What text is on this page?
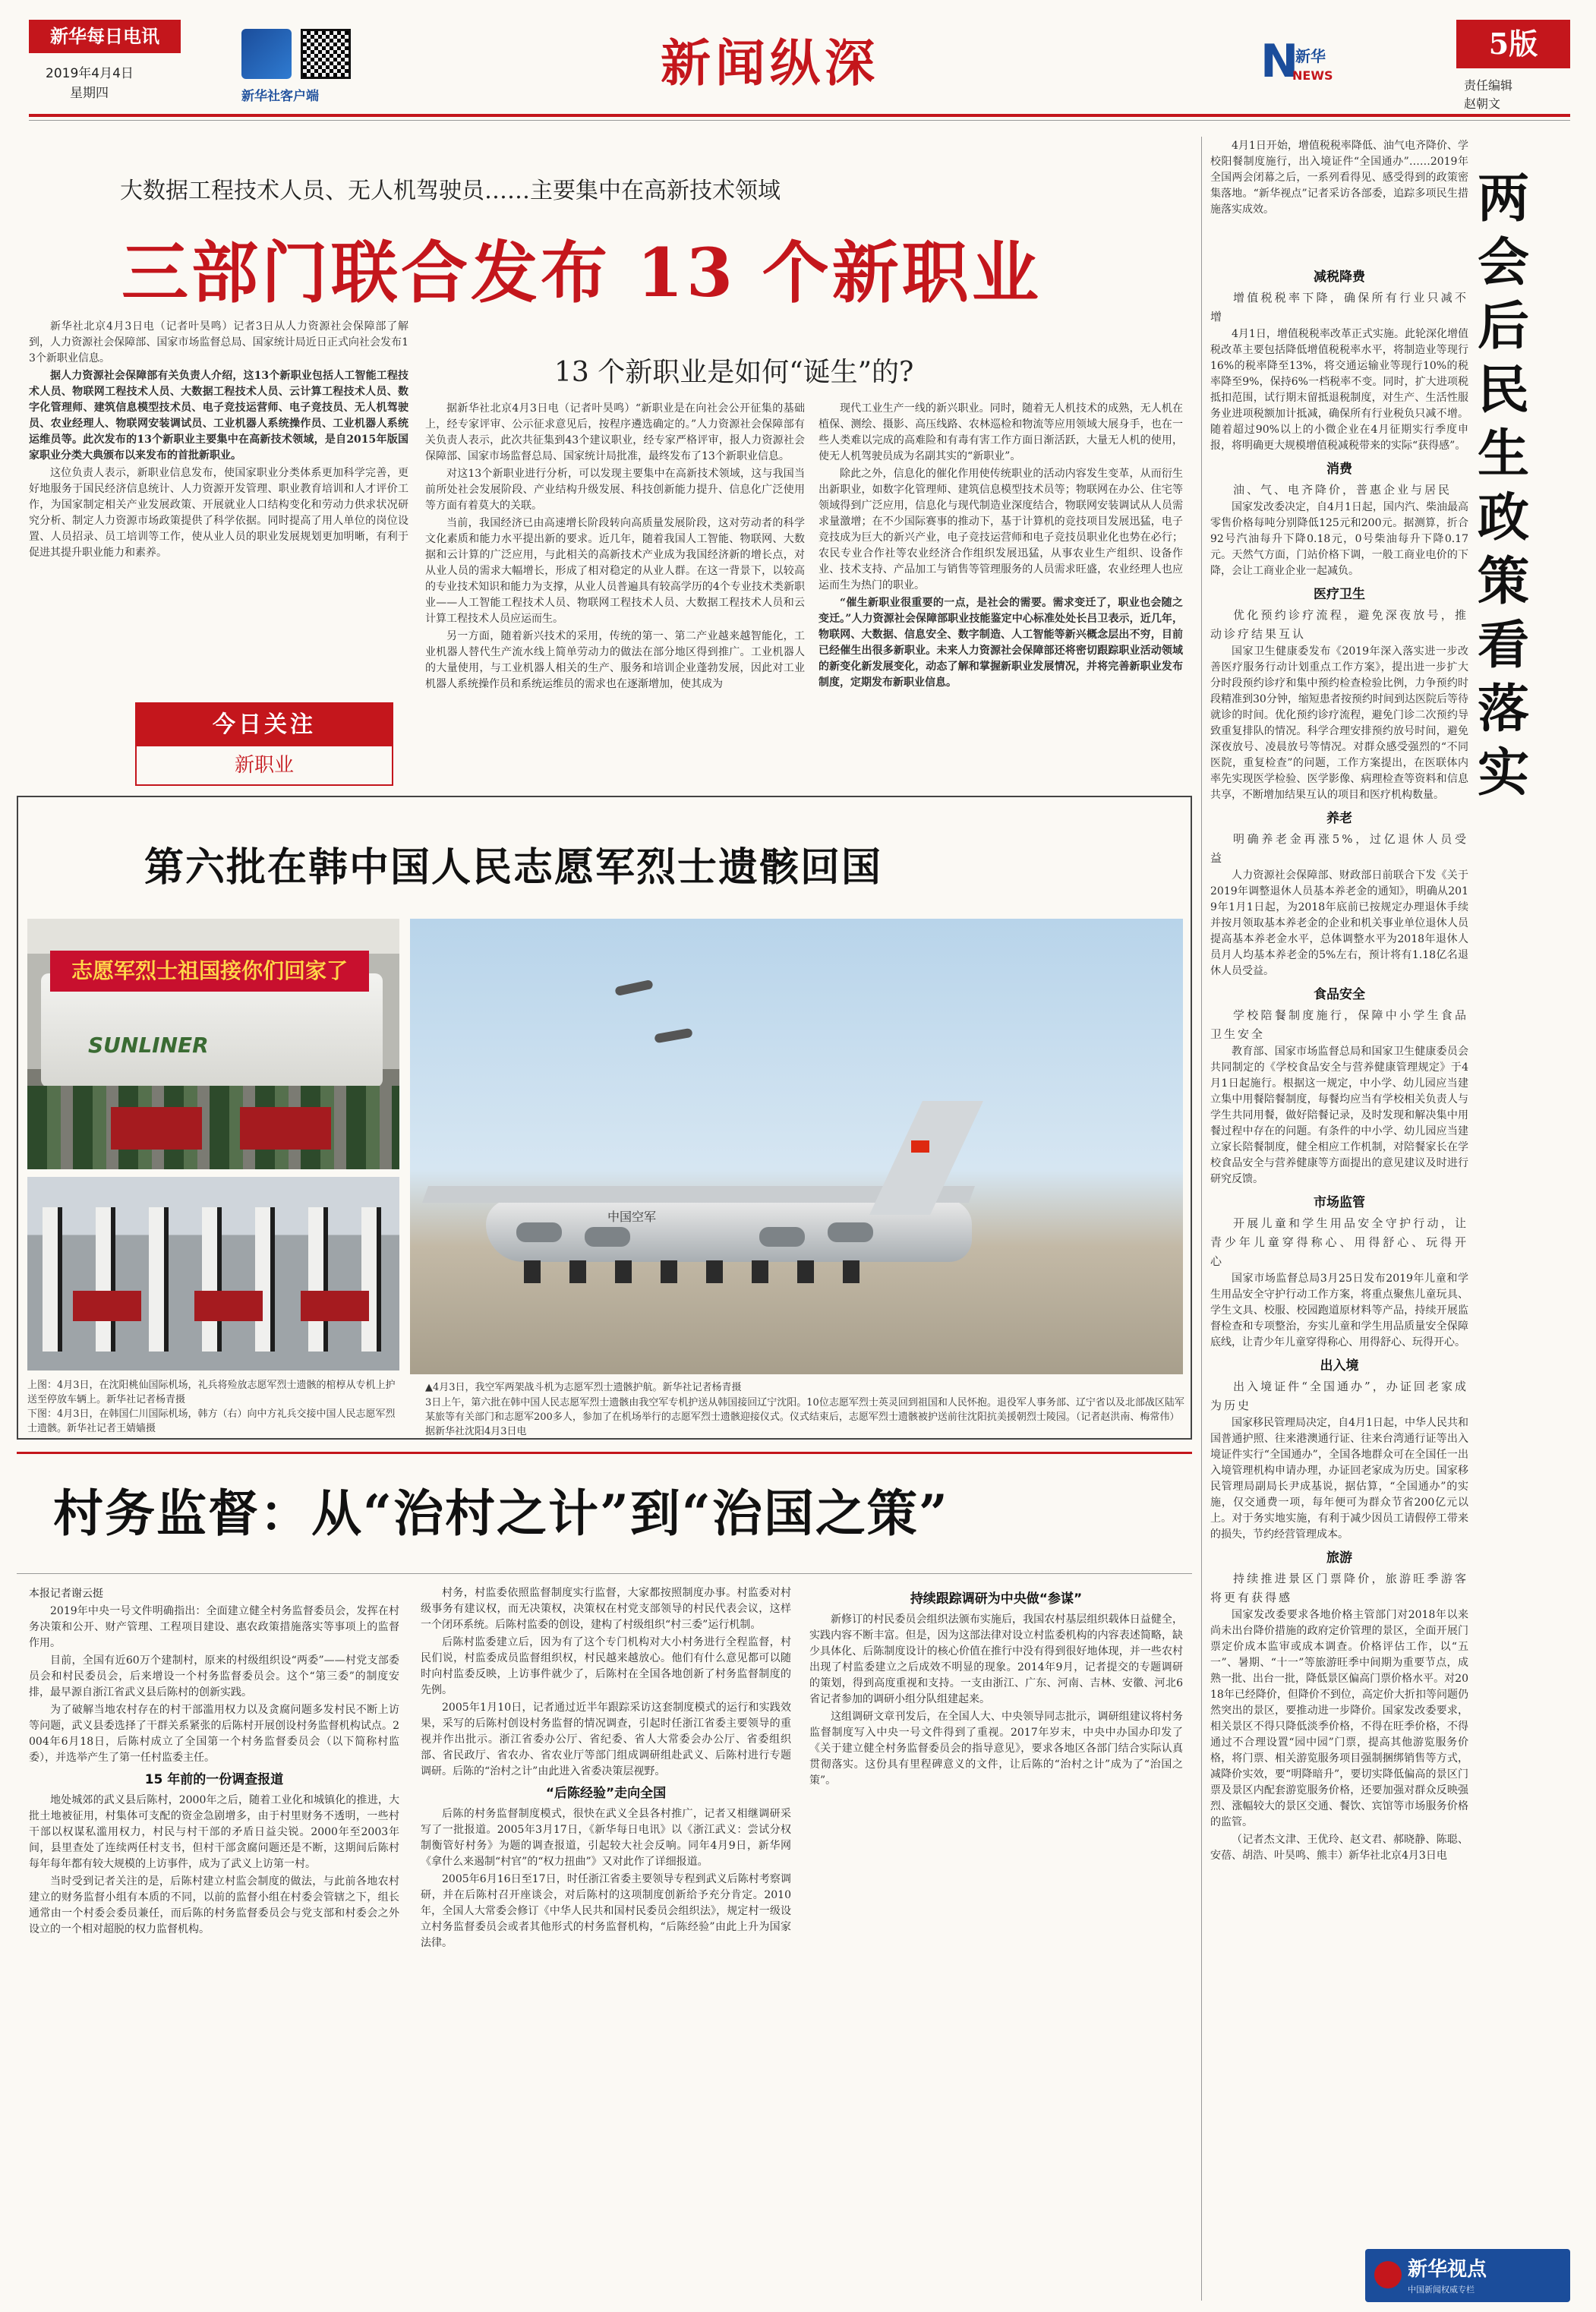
新华每日电讯
2019年4月4日
星期四	新华社客户端
新闻纵深	N
新华
NEWS
5版
责任编辑
赵朝文
大数据工程技术人员、无人机驾驶员……主要集中在高新技术领域
三部门联合发布 13 个新职业
13 个新职业是如何“诞生”的?

新华社北京4月3日电（记者叶昊鸣）记者3日从人力资源社会保障部了解到，人力资源社会保障部、国家市场监督总局、国家统计局近日正式向社会发布13个新职业信息。

据人力资源社会保障部有关负责人介绍，这13个新职业包括人工智能工程技术人员、物联网工程技术人员、大数据工程技术人员、云计算工程技术人员、数字化管理师、建筑信息模型技术员、电子竞技运营师、电子竞技员、无人机驾驶员、农业经理人、物联网安装调试员、工业机器人系统操作员、工业机器人系统运维员等。此次发布的13个新职业主要集中在高新技术领域，是自2015年版国家职业分类大典颁布以来发布的首批新职业。

这位负责人表示，新职业信息发布，使国家职业分类体系更加科学完善，更好地服务于国民经济信息统计、人力资源开发管理、职业教育培训和人才评价工作，为国家制定相关产业发展政策、开展就业人口结构变化和劳动力供求状况研究分析、制定人力资源市场政策提供了科学依据。同时提高了用人单位的岗位设置、人员招录、员工培训等工作，使从业人员的职业发展规划更加明晰，有利于促进其提升职业能力和素养。

今日关注
新职业

据新华社北京4月3日电（记者叶昊鸣）“新职业是在向社会公开征集的基础上，经专家评审、公示征求意见后，按程序遴选确定的。”人力资源社会保障部有关负责人表示，此次共征集到43个建议职业，经专家严格评审，报人力资源社会保障部、国家市场监督总局、国家统计局批准，最终发布了13个新职业信息。

对这13个新职业进行分析，可以发现主要集中在高新技术领域，这与我国当前所处社会发展阶段、产业结构升级发展、科技创新能力提升、信息化广泛使用等方面有着莫大的关联。

当前，我国经济已由高速增长阶段转向高质量发展阶段，这对劳动者的科学文化素质和能力水平提出新的要求。近几年，随着我国人工智能、物联网、大数据和云计算的广泛应用，与此相关的高新技术产业成为我国经济新的增长点，对从业人员的需求大幅增长，形成了相对稳定的从业人群。在这一背景下，以较高的专业技术知识和能力为支撑，从业人员普遍具有较高学历的4个专业技术类新职业——人工智能工程技术人员、物联网工程技术人员、大数据工程技术人员和云计算工程技术人员应运而生。

另一方面，随着新兴技术的采用，传统的第一、第二产业越来越智能化，工业机器人替代生产流水线上简单劳动力的做法在部分地区得到推广。工业机器人的大量使用，与工业机器人相关的生产、服务和培训企业蓬勃发展，因此对工业机器人系统操作员和系统运维员的需求也在逐渐增加，使其成为

现代工业生产一线的新兴职业。同时，随着无人机技术的成熟，无人机在植保、测绘、摄影、高压线路、农林巡检和物流等应用领域大展身手，也在一些人类难以完成的高难险和有毒有害工作方面日渐活跃，大量无人机的使用，使无人机驾驶员成为名副其实的“新职业”。

除此之外，信息化的催化作用使传统职业的活动内容发生变革，从而衍生出新职业，如数字化管理师、建筑信息模型技术员等；物联网在办公、住宅等领域得到广泛应用，信息化与现代制造业深度结合，物联网安装调试从人员需求量激增；在不少国际赛事的推动下，基于计算机的竞技项目发展迅猛，电子竞技成为巨大的新兴产业，电子竞技运营师和电子竞技员职业化也势在必行；农民专业合作社等农业经济合作组织发展迅猛，从事农业生产组织、设备作业、技术支持、产品加工与销售等管理服务的人员需求旺盛，农业经理人也应运而生为热门的职业。

“催生新职业很重要的一点，是社会的需要。需求变迁了，职业也会随之变迁。”人力资源社会保障部职业技能鉴定中心标准处处长吕卫表示，近几年，物联网、大数据、信息安全、数字制造、人工智能等新兴概念层出不穷，目前已经催生出很多新职业。未来人力资源社会保障部还将密切跟踪职业活动领域的新变化新发展变化，动态了解和掌握新职业发展情况，并将完善新职业发布制度，定期发布新职业信息。

第六批在韩中国人民志愿军烈士遗骸回国
志愿军烈士祖国接你们回家了
SUNLINER
上图：4月3日，在沈阳桃仙国际机场，礼兵将殓放志愿军烈士遗骸的棺椁从专机上护送至停放车辆上。新华社记者杨青摄
下图：4月3日，在韩国仁川国际机场，韩方（右）向中方礼兵交接中国人民志愿军烈士遗骸。新华社记者王婧嫱摄
中国空军
▲4月3日，我空军两架战斗机为志愿军烈士遗骸护航。新华社记者杨青摄
3日上午，第六批在韩中国人民志愿军烈士遗骸由我空军专机护送从韩国接回辽宁沈阳。10位志愿军烈士英灵回到祖国和人民怀抱。退役军人事务部、辽宁省以及北部战区陆军某旅等有关部门和志愿军200多人，参加了在机场举行的志愿军烈士遗骸迎接仪式。仪式结束后，志愿军烈士遗骸被护送前往沈阳抗美援朝烈士陵园。（记者赵洪南、梅常伟）据新华社沈阳4月3日电
村务监督：从“治村之计”到“治国之策”
本报记者谢云挺

2019年中央一号文件明确指出：全面建立健全村务监督委员会，发挥在村务决策和公开、财产管理、工程项目建设、惠农政策措施落实等事项上的监督作用。

目前，全国有近60万个建制村，原来的村级组织设“两委”——村党支部委员会和村民委员会，后来增设一个村务监督委员会。这个“第三委”的制度安排，最早源自浙江省武义县后陈村的创新实践。

为了破解当地农村存在的村干部滥用权力以及贪腐问题多发村民不断上访等问题，武义县委选择了干群关系紧张的后陈村开展创设村务监督机构试点。2004年6月18日，后陈村成立了全国第一个村务监督委员会（以下简称村监委），并选举产生了第一任村监委主任。

15 年前的一份调查报道

地处城郊的武义县后陈村，2000年之后，随着工业化和城镇化的推进，大批土地被征用，村集体可支配的资金急剧增多，由于村里财务不透明，一些村干部以权谋私滥用权力，村民与村干部的矛盾日益尖锐。2000年至2003年间，县里查处了连续两任村支书，但村干部贪腐问题还是不断，这期间后陈村每年每年都有较大规模的上访事件，成为了武义上访第一村。

当时受到记者关注的是，后陈村建立村监会制度的做法，与此前各地农村建立的财务监督小组有本质的不同，以前的监督小组在村委会管辖之下，组长通常由一个村委会委员兼任，而后陈的村务监督委员会与党支部和村委会之外设立的一个相对超脱的权力监督机构。

村务，村监委依照监督制度实行监督，大家都按照制度办事。村监委对村级事务有建议权，而无决策权，决策权在村党支部领导的村民代表会议，这样一个闭环系统。后陈村监委的创设，建构了村级组织“村三委”运行机制。

后陈村监委建立后，因为有了这个专门机构对大小村务进行全程监督，村民们说，村监委成员监督组织权，村民越来越放心。他们有什么意见都可以随时向村监委反映，上访事件就少了，后陈村在全国各地创新了村务监督制度的先例。

2005年1月10日，记者通过近半年跟踪采访这套制度模式的运行和实践效果，采写的后陈村创设村务监督的情况调查，引起时任浙江省委主要领导的重视并作出批示。浙江省委办公厅、省纪委、省人大常委会办公厅、省委组织部、省民政厅、省农办、省农业厅等部门组成调研组赴武义、后陈村进行专题调研。后陈的“治村之计”由此进入省委决策层视野。

“后陈经验”走向全国

后陈的村务监督制度模式，很快在武义全县各村推广，记者又相继调研采写了一批报道。2005年3月17日，《新华每日电讯》以《浙江武义：尝试分权制衡管好村务》为题的调查报道，引起较大社会反响。同年4月9日，新华网《拿什么来遏制“村官”的“权力扭曲”》又对此作了详细报道。

2005年6月16日至17日，时任浙江省委主要领导专程到武义后陈村考察调研，并在后陈村召开座谈会，对后陈村的这项制度创新给予充分肯定。2010年，全国人大常委会修订《中华人民共和国村民委员会组织法》，规定村一级设立村务监督委员会或者其他形式的村务监督机构，“后陈经验”由此上升为国家法律。

持续跟踪调研为中央做“参谋”

新修订的村民委员会组织法颁布实施后，我国农村基层组织载体日益健全，实践内容不断丰富。但是，因为这部法律对设立村监委机构的内容表述简略，缺少具体化、后陈制度设计的核心价值在推行中没有得到很好地体现，并一些农村出现了村监委建立之后成效不明显的现象。2014年9月，记者提交的专题调研的策划，得到高度重视和支持。一支由浙江、广东、河南、吉林、安徽、河北6省记者参加的调研小组分队组建起来。

这组调研文章刊发后，在全国人大、中央领导同志批示，调研组建议将村务监督制度写入中央一号文件得到了重视。2017年岁末，中央中办国办印发了《关于建立健全村务监督委员会的指导意见》，要求各地区各部门结合实际认真贯彻落实。这份具有里程碑意义的文件，让后陈的“治村之计”成为了“治国之策”。

4月1日开始，增值税税率降低、油气电齐降价、学校阳餐制度施行，出入境证件“全国通办”……2019年全国两会闭幕之后，一系列看得见、感受得到的政策密集落地。“新华视点”记者采访各部委，追踪多项民生措施落实成效。	两会后民生政策看落实
减税降费
增值税税率下降，确保所有行业只减不增

4月1日，增值税税率改革正式实施。此轮深化增值税改革主要包括降低增值税税率水平，将制造业等现行16%的税率降至13%，将交通运输业等现行10%的税率降至9%，保持6%一档税率不变。同时，扩大进项税抵扣范围，试行期末留抵退税制度，对生产、生活性服务业进项税额加计抵减，确保所有行业税负只减不增。随着超过90%以上的小微企业在4月征期实行季度申报，将明确更大规模增值税减税带来的实际“获得感”。

消费
油、气、电齐降价，普惠企业与居民

国家发改委决定，自4月1日起，国内汽、柴油最高零售价格每吨分别降低125元和200元。据测算，折合92号汽油每升下降0.18元，0号柴油每升下降0.17元。天然气方面，门站价格下调，一般工商业电价的下降，会让工商业企业一起减负。

医疗卫生
优化预约诊疗流程，避免深夜放号，推动诊疗结果互认

国家卫生健康委发布《2019年深入落实进一步改善医疗服务行动计划重点工作方案》，提出进一步扩大分时段预约诊疗和集中预约检查检验比例，力争预约时段精准到30分钟，缩短患者按预约时间到达医院后等待就诊的时间。优化预约诊疗流程，避免门诊二次预约导致重复排队的情况。科学合理安排预约放号时间，避免深夜放号、凌晨放号等情况。对群众感受强烈的“不同医院，重复检查”的问题，工作方案提出，在医联体内率先实现医学检验、医学影像、病理检查等资料和信息共享，不断增加结果互认的项目和医疗机构数量。

养老
明确养老金再涨5%，过亿退休人员受益

人力资源社会保障部、财政部日前联合下发《关于2019年调整退休人员基本养老金的通知》，明确从2019年1月1日起，为2018年底前已按规定办理退休手续并按月领取基本养老金的企业和机关事业单位退休人员提高基本养老金水平，总体调整水平为2018年退休人员月人均基本养老金的5%左右，预计将有1.18亿名退休人员受益。

食品安全
学校陪餐制度施行，保障中小学生食品卫生安全

教育部、国家市场监督总局和国家卫生健康委员会共同制定的《学校食品安全与营养健康管理规定》于4月1日起施行。根据这一规定，中小学、幼儿园应当建立集中用餐陪餐制度，每餐均应当有学校相关负责人与学生共同用餐，做好陪餐记录，及时发现和解决集中用餐过程中存在的问题。有条件的中小学、幼儿园应当建立家长陪餐制度，健全相应工作机制，对陪餐家长在学校食品安全与营养健康等方面提出的意见建议及时进行研究反馈。

市场监管
开展儿童和学生用品安全守护行动，让青少年儿童穿得称心、用得舒心、玩得开心

国家市场监督总局3月25日发布2019年儿童和学生用品安全守护行动工作方案，将重点聚焦儿童玩具、学生文具、校服、校园跑道原材料等产品，持续开展监督检查和专项整治，夯实儿童和学生用品质量安全保障底线，让青少年儿童穿得称心、用得舒心、玩得开心。

出入境
出入境证件“全国通办”，办证回老家成为历史

国家移民管理局决定，自4月1日起，中华人民共和国普通护照、往来港澳通行证、往来台湾通行证等出入境证件实行“全国通办”，全国各地群众可在全国任一出入境管理机构申请办理，办证回老家成为历史。国家移民管理局副局长尹成基说，据估算，“全国通办”的实施，仅交通费一项，每年便可为群众节省200亿元以上。对于务实地实施，有利于减少因员工请假停工带来的损失，节约经营管理成本。

旅游
持续推进景区门票降价，旅游旺季游客将更有获得感

国家发改委要求各地价格主管部门对2018年以来尚未出台降价措施的政府定价管理的景区，全面开展门票定价成本监审或成本调查。价格评估工作，以“五一”、暑期、“十一”等旅游旺季中间期为重要节点，成熟一批、出台一批，降低景区偏高门票价格水平。对2018年已经降价，但降价不到位，高定价大折扣等问题仍然突出的景区，要推动进一步降价。国家发改委要求，相关景区不得只降低淡季价格，不得在旺季价格，不得通过不合理设置“园中园”门票，提高其他游览服务价格，将门票、相关游览服务项目强制捆绑销售等方式，减降价实效，要“明降暗升”，要切实降低偏高的景区门票及景区内配套游览服务价格，还要加强对群众反映强烈、涨幅较大的景区交通、餐饮、宾馆等市场服务价格的监管。

（记者杰文津、王优玲、赵文君、郝晓静、陈聪、安蓓、胡浩、叶昊鸣、熊丰）新华社北京4月3日电

新华视点
中国新闻权威专栏
